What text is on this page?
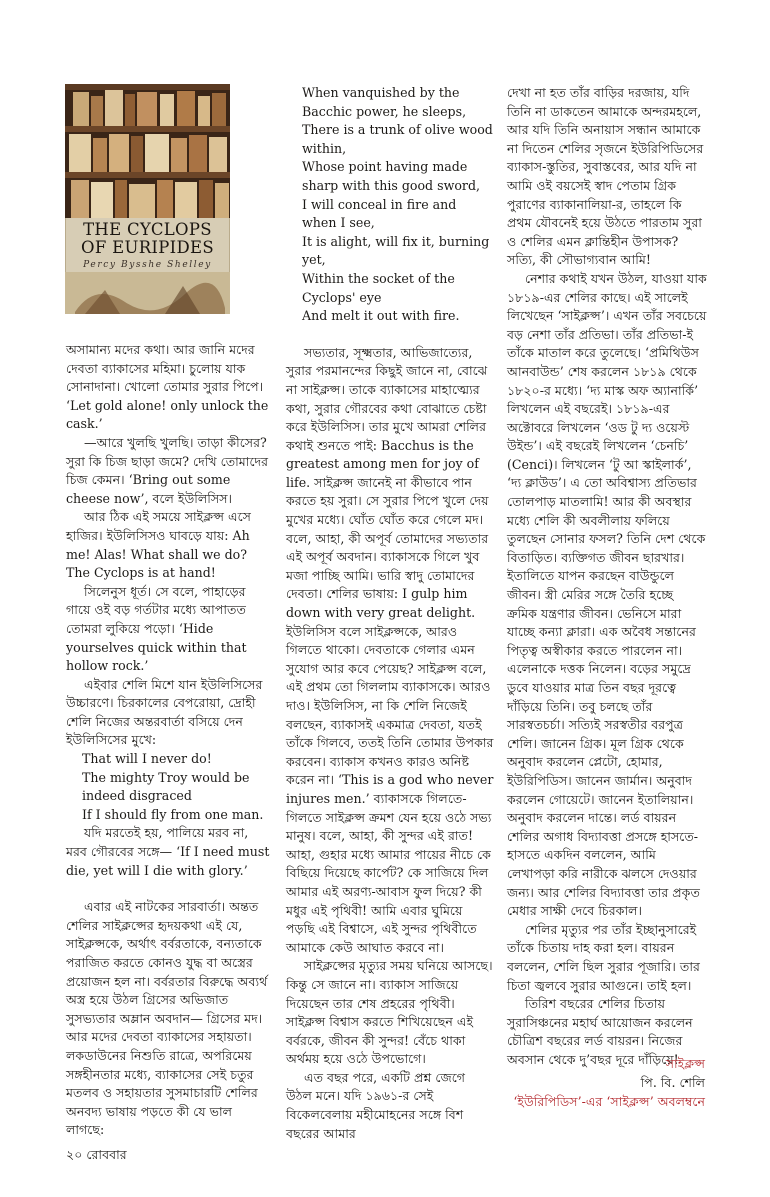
THE CYCLOPS
OF EURIPIDES
Percy Bysshe Shelley

অসামান্য মদের কথা। আর জানি মদের দেবতা ব্যাকাসের মহিমা। চুলোয় যাক সোনাদানা। খোলো তোমার সুরার পিপে। ‘Let gold alone! only unlock the cask.’

—আরে খুলছি খুলছি। তাড়া কীসের? সুরা কি চিজ ছাড়া জমে? দেখি তোমাদের চিজ কেমন। ‘Bring out some cheese now’, বলে ইউলিসিস।

আর ঠিক এই সময়ে সাইক্লপ্স এসে হাজির। ইউলিসিসও ঘাবড়ে যায়: Ah me! Alas! What shall we do? The Cyclops is at hand!

সিলেনুস ধূর্ত। সে বলে, পাহাড়ের গায়ে ওই বড় গর্তটার মধ্যে আপাতত তোমরা লুকিয়ে পড়ো। ‘Hide yourselves quick within that hollow rock.’

এইবার শেলি মিশে যান ইউলিসিসের উচ্চারণে। চিরকালের বেপরোয়া, দ্রোহী শেলি নিজের অন্তরবার্তা বসিয়ে দেন ইউলিসিসের মুখে:

That will I never do!

The mighty Troy would be indeed disgraced

If I should fly from one man.

যদি মরতেই হয়, পালিয়ে মরব না, মরব গৌরবের সঙ্গে— ‘If I need must die, yet will I die with glory.’

এবার এই নাটকের সারবার্তা। অন্তত শেলির সাইক্লপ্সের হৃদয়কথা এই যে, সাইক্লপ্সকে, অর্থাৎ বর্বরতাকে, বন্যতাকে পরাজিত করতে কোনও যুদ্ধ বা অস্ত্রের প্রয়োজন হল না। বর্বরতার বিরুদ্ধে অব্যর্থ অস্ত্র হয়ে উঠল গ্রিসের অভিজাত সুসভ্যতার অম্লান অবদান— গ্রিসের মদ। আর মদের দেবতা ব্যাকাসের সহায়তা। লকডাউনের নিশুতি রাত্রে, অপরিমেয় সঙ্গহীনতার মধ্যে, ব্যাকাসের সেই চতুর মতলব ও সহায়তার সুসমাচারটি শেলির অনবদ্য ভাষায় পড়তে কী যে ভাল লাগছে:

When vanquished by the Bacchic power, he sleeps,

There is a trunk of olive wood within,

Whose point having made sharp with this good sword,

I will conceal in fire and when I see,

It is alight, will fix it, burning yet,

Within the socket of the Cyclops' eye

And melt it out with fire.

সভ্যতার, সূক্ষ্মতার, আভিজাত্যের, সুরার পরমানন্দের কিছুই জানে না, বোঝে না সাইক্লপ্স। তাকে ব্যাকাসের মাহাত্ম্যের কথা, সুরার গৌরবের কথা বোঝাতে চেষ্টা করে ইউলিসিস। তার মুখে আমরা শেলির কথাই শুনতে পাই: Bacchus is the greatest among men for joy of life. সাইক্লপ্স জানেই না কীভাবে পান করতে হয় সুরা। সে সুরার পিপে খুলে দেয় মুখের মধ্যে। ঘোঁত ঘোঁত করে গেলে মদ। বলে, আহা, কী অপূর্ব তোমাদের সভ্যতার এই অপূর্ব অবদান। ব্যাকাসকে গিলে খুব মজা পাচ্ছি আমি। ভারি স্বাদু তোমাদের দেবতা। শেলির ভাষায়: I gulp him down with very great delight. ইউলিসিস বলে সাইক্লপ্সকে, আরও গিলতে থাকো। দেবতাকে গেলার এমন সুযোগ আর কবে পেয়েছ? সাইক্লপ্স বলে, এই প্রথম তো গিললাম ব্যাকাসকে। আরও দাও। ইউলিসিস, না কি শেলি নিজেই বলছেন, ব্যাকাসই একমাত্র দেবতা, যতই তাঁকে গিলবে, ততই তিনি তোমার উপকার করবেন। ব্যাকাস কখনও কারও অনিষ্ট করেন না। ‘This is a god who never injures men.’ ব্যাকাসকে গিলতে-গিলতে সাইক্লপ্স ক্রমশ যেন হয়ে ওঠে সভ্য মানুষ। বলে, আহা, কী সুন্দর এই রাত! আহা, গুহার মধ্যে আমার পায়ের নীচে কে বিছিয়ে দিয়েছে কার্পেট? কে সাজিয়ে দিল আমার এই অরণ্য-আবাস ফুল দিয়ে? কী মধুর এই পৃথিবী! আমি এবার ঘুমিয়ে পড়ছি এই বিশ্বাসে, এই সুন্দর পৃথিবীতে আমাকে কেউ আঘাত করবে না।

সাইক্লপ্সের মৃত্যুর সময় ঘনিয়ে আসছে। কিন্তু সে জানে না। ব্যাকাস সাজিয়ে দিয়েছেন তার শেষ প্রহরের পৃথিবী। সাইক্লপ্স বিশ্বাস করতে শিখিয়েছেন এই বর্বরকে, জীবন কী সুন্দর! বেঁচে থাকা অর্থময় হয়ে ওঠে উপভোগে।

এত বছর পরে, একটি প্রশ্ন জেগে উঠল মনে। যদি ১৯৬১-র সেই বিকেলবেলায় মহীমোহনের সঙ্গে বিশ বছরের আমার

দেখা না হত তাঁর বাড়ির দরজায়, যদি তিনি না ডাকতেন আমাকে অন্দরমহলে, আর যদি তিনি অনায়াস সন্ধান আমাকে না দিতেন শেলির সৃজনে ইউরিপিডিসের ব্যাকাস-স্তুতির, সুবাস্তবের, আর যদি না আমি ওই বয়সেই স্বাদ পেতাম গ্রিক পুরাণের ব্যাকানালিয়া-র, তাহলে কি প্রথম যৌবনেই হয়ে উঠতে পারতাম সুরা ও শেলির এমন ক্লান্তিহীন উপাসক? সত্যি, কী সৌভাগ্যবান আমি!

নেশার কথাই যখন উঠল, যাওয়া যাক ১৮১৯-এর শেলির কাছে। এই সালেই লিখেছেন ‘সাইক্লপ্স’। এখন তাঁর সবচেয়ে বড় নেশা তাঁর প্রতিভা। তাঁর প্রতিভা-ই তাঁকে মাতাল করে তুলেছে। ‘প্রমিথিউস আনবাউন্ড’ শেষ করলেন ১৮১৯ থেকে ১৮২০-র মধ্যে। ‘দ্য মাস্ক অফ অ্যানার্কি’ লিখলেন এই বছরেই। ১৮১৯-এর অক্টোবরে লিখলেন ‘ওড টু দ্য ওয়েস্ট উইন্ড’। এই বছরেই লিখলেন ‘চেনচি’ (Cenci)। লিখলেন ‘টু আ স্কাইলার্ক’, ‘দ্য ক্লাউড’। এ তো অবিশ্বাস্য প্রতিভার তোলপাড় মাতলামি! আর কী অবস্থার মধ্যে শেলি কী অবলীলায় ফলিয়ে তুলছেন সোনার ফসল? তিনি দেশ থেকে বিতাড়িত। ব্যক্তিগত জীবন ছারখার। ইতালিতে যাপন করছেন বাউন্ডুলে জীবন। স্ত্রী মেরির সঙ্গে তৈরি হচ্ছে ক্রমিক যন্ত্রণার জীবন। ভেনিসে মারা যাচ্ছে কন্যা ক্লারা। এক অবৈধ সন্তানের পিতৃত্ব অস্বীকার করতে পারলেন না। এলেনাকে দত্তক নিলেন। বড়ের সমুদ্রে ডুবে যাওয়ার মাত্র তিন বছর দূরত্বে দাঁড়িয়ে তিনি। তবু চলছে তাঁর সারস্বতচর্চা। সত্যিই সরস্বতীর বরপুত্র শেলি। জানেন গ্রিক। মূল গ্রিক থেকে অনুবাদ করলেন প্লেটো, হোমার, ইউরিপিডিস। জানেন জার্মান। অনুবাদ করলেন গোয়েটে। জানেন ইতালিয়ান। অনুবাদ করলেন দান্তে। লর্ড বায়রন শেলির অগাধ বিদ্যাবত্তা প্রসঙ্গে হাসতে-হাসতে একদিন বললেন, আমি লেখাপড়া করি নারীকে ঝলসে দেওয়ার জন্য। আর শেলির বিদ্যাবত্তা তার প্রকৃত মেধার সাক্ষী দেবে চিরকাল।

শেলির মৃত্যুর পর তাঁর ইচ্ছানুসারেই তাঁকে চিতায় দাহ করা হল। বায়রন বললেন, শেলি ছিল সুরার পূজারি। তার চিতা জ্বলবে সুরার আগুনে। তাই হল।

তিরিশ বছরের শেলির চিতায় সুরাসিঞ্চনের মহার্ঘ আয়োজন করলেন চৌত্রিশ বছরের লর্ড বায়রন। নিজের অবসান থেকে দু’বছর দূরে দাঁড়িয়ে!

সাইক্লপ্স
পি. বি. শেলি
‘ইউরিপিডিস’-এর ‘সাইক্লপ্স’ অবলম্বনে
২০ রোববার
